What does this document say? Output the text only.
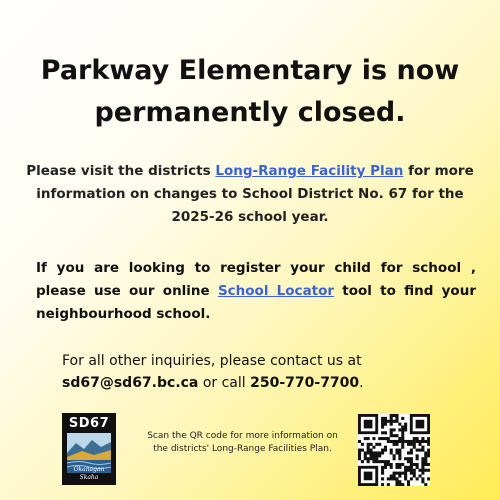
Parkway Elementary is now
permanently closed.
Please visit the districts Long-Range Facility Plan for more information on changes to School District No. 67 for the 2025-26 school year.
If you are looking to register your child for school , please use our online School Locator tool to find your neighbourhood school.
For all other inquiries, please contact us at sd67@sd67.bc.ca or call 250-770-7700.
SD67
Okanagan Skaha
Scan the QR code for more information on the districts' Long-Range Facilities Plan.
